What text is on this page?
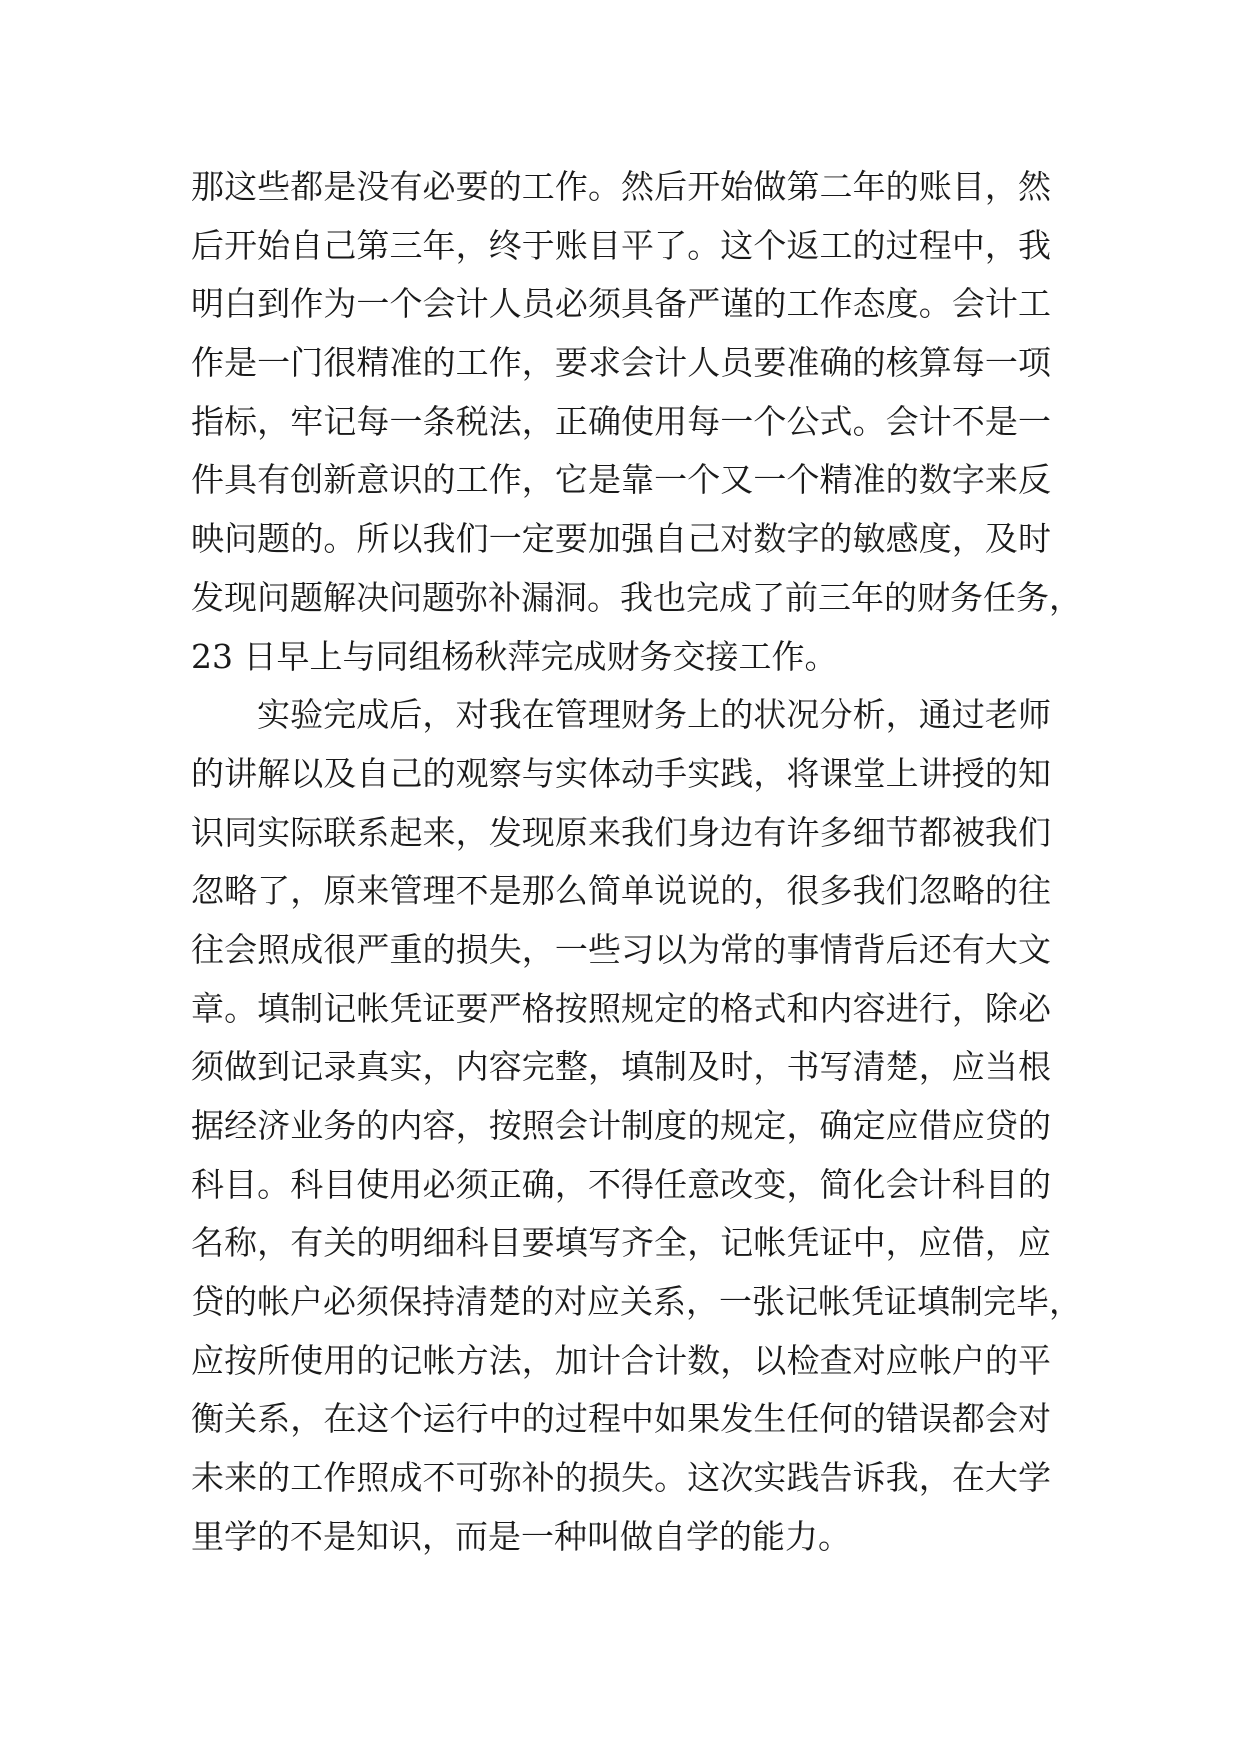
那这些都是没有必要的工作。然后开始做第二年的账目，然
后开始自己第三年，终于账目平了。这个返工的过程中，我
明白到作为一个会计人员必须具备严谨的工作态度。会计工
作是一门很精准的工作，要求会计人员要准确的核算每一项
指标，牢记每一条税法，正确使用每一个公式。会计不是一
件具有创新意识的工作，它是靠一个又一个精准的数字来反
映问题的。所以我们一定要加强自己对数字的敏感度，及时
发现问题解决问题弥补漏洞。我也完成了前三年的财务任务，
23 日早上与同组杨秋萍完成财务交接工作。

实验完成后，对我在管理财务上的状况分析，通过老师
的讲解以及自己的观察与实体动手实践，将课堂上讲授的知
识同实际联系起来，发现原来我们身边有许多细节都被我们
忽略了，原来管理不是那么简单说说的，很多我们忽略的往
往会照成很严重的损失，一些习以为常的事情背后还有大文
章。填制记帐凭证要严格按照规定的格式和内容进行，除必
须做到记录真实，内容完整，填制及时，书写清楚，应当根
据经济业务的内容，按照会计制度的规定，确定应借应贷的
科目。科目使用必须正确，不得任意改变，简化会计科目的
名称，有关的明细科目要填写齐全，记帐凭证中，应借，应
贷的帐户必须保持清楚的对应关系，一张记帐凭证填制完毕，
应按所使用的记帐方法，加计合计数，以检查对应帐户的平
衡关系，在这个运行中的过程中如果发生任何的错误都会对
未来的工作照成不可弥补的损失。这次实践告诉我，在大学
里学的不是知识，而是一种叫做自学的能力。
